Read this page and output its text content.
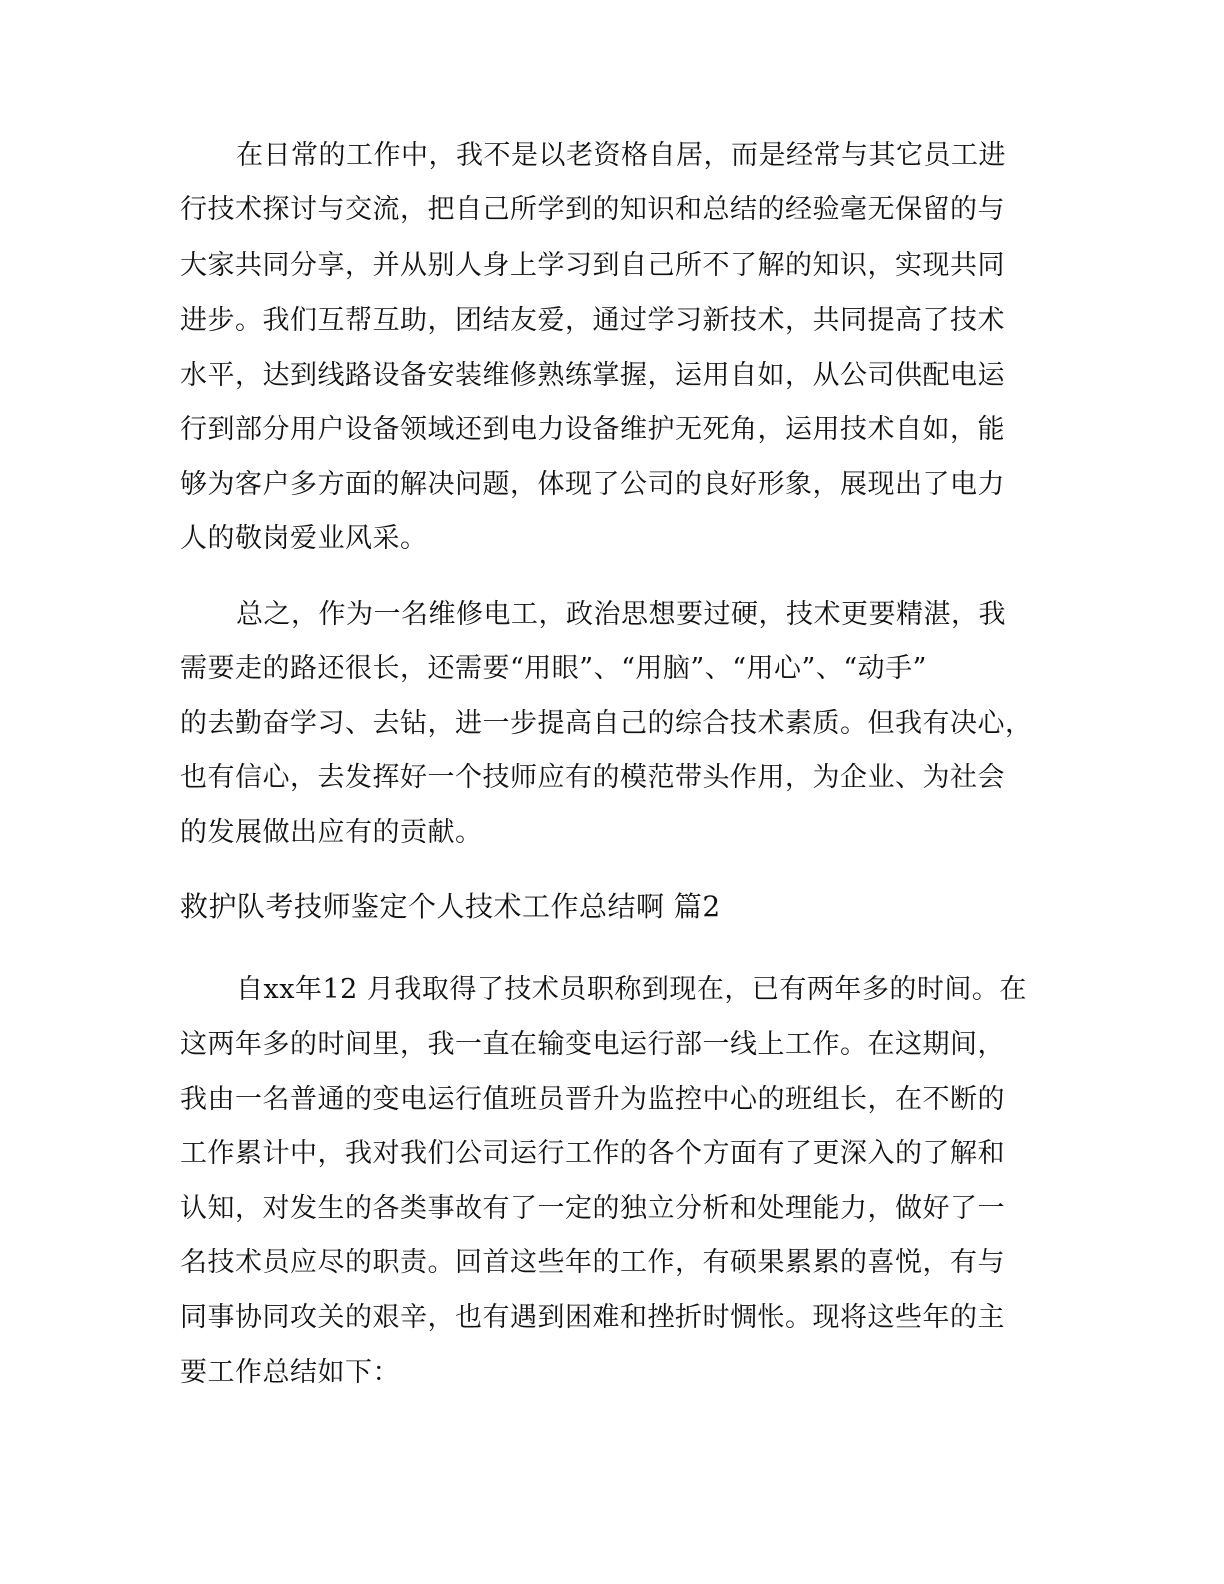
在日常的工作中，我不是以老资格自居，而是经常与其它员工进
行技术探讨与交流，把自己所学到的知识和总结的经验毫无保留的与
大家共同分享，并从别人身上学习到自己所不了解的知识，实现共同
进步。我们互帮互助，团结友爱，通过学习新技术，共同提高了技术
水平，达到线路设备安装维修熟练掌握，运用自如，从公司供配电运
行到部分用户设备领域还到电力设备维护无死角，运用技术自如，能
够为客户多方面的解决问题，体现了公司的良好形象，展现出了电力
人的敬岗爱业风采。
总之，作为一名维修电工，政治思想要过硬，技术更要精湛，我
需要走的路还很长，还需要“用眼”、“用脑”、“用心”、“动手”
的去勤奋学习、去钻，进一步提高自己的综合技术素质。但我有决心，
也有信心，去发挥好一个技师应有的模范带头作用，为企业、为社会
的发展做出应有的贡献。
救护队考技师鉴定个人技术工作总结啊 篇2
自xx年12 月我取得了技术员职称到现在，已有两年多的时间。在
这两年多的时间里，我一直在输变电运行部一线上工作。在这期间，
我由一名普通的变电运行值班员晋升为监控中心的班组长，在不断的
工作累计中，我对我们公司运行工作的各个方面有了更深入的了解和
认知，对发生的各类事故有了一定的独立分析和处理能力，做好了一
名技术员应尽的职责。回首这些年的工作，有硕果累累的喜悦，有与
同事协同攻关的艰辛，也有遇到困难和挫折时惆怅。现将这些年的主
要工作总结如下：
